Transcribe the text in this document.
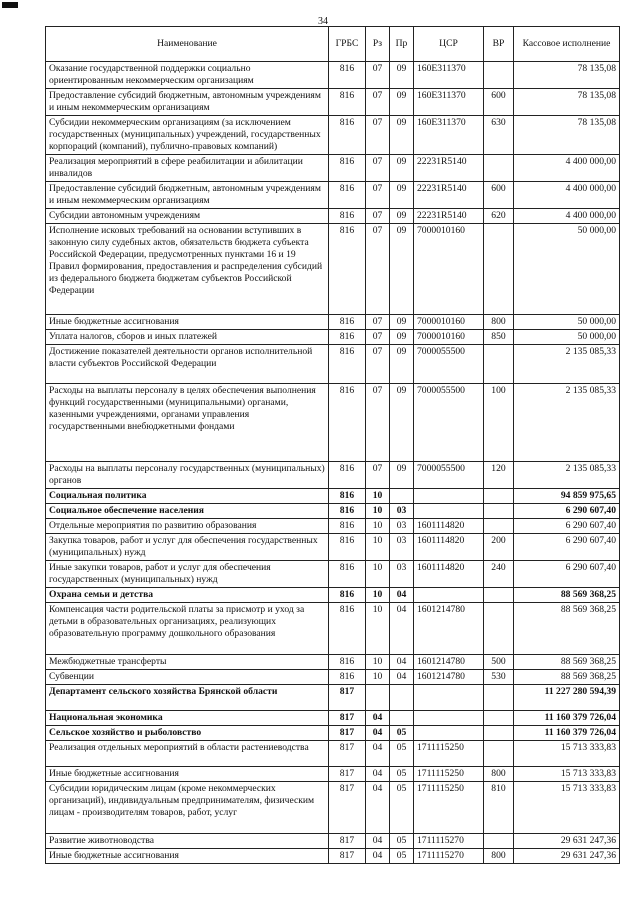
34
Наименование	ГРБС	Рз	Пр	ЦСР	ВР	Кассовое исполнение
Оказание государственной поддержки социально ориентированным некоммерческим организациям	816	07	09	160Е311370		78 135,08
Предоставление субсидий бюджетным, автономным учреждениям и иным некоммерческим организациям	816	07	09	160Е311370	600	78 135,08
Субсидии некоммерческим организациям (за исключением государственных (муниципальных) учреждений, государственных корпораций (компаний), публично-правовых компаний)	816	07	09	160Е311370	630	78 135,08
Реализация мероприятий в сфере реабилитации и абилитации инвалидов	816	07	09	22231R5140		4 400 000,00
Предоставление субсидий бюджетным, автономным учреждениям и иным некоммерческим организациям	816	07	09	22231R5140	600	4 400 000,00
Субсидии автономным учреждениям	816	07	09	22231R5140	620	4 400 000,00
Исполнение исковых требований на основании вступивших в законную силу судебных актов, обязательств бюджета субъекта Российской Федерации, предусмотренных пунктами 16 и 19 Правил формирования, предоставления и распределения субсидий из федерального бюджета бюджетам субъектов Российской Федерации	816	07	09	7000010160		50 000,00
Иные бюджетные ассигнования	816	07	09	7000010160	800	50 000,00
Уплата налогов, сборов и иных платежей	816	07	09	7000010160	850	50 000,00
Достижение показателей деятельности органов исполнительной власти субъектов Российской Федерации	816	07	09	7000055500		2 135 085,33
Расходы на выплаты персоналу в целях обеспечения выполнения функций государственными (муниципальными) органами, казенными учреждениями, органами управления государственными внебюджетными фондами	816	07	09	7000055500	100	2 135 085,33
Расходы на выплаты персоналу государственных (муниципальных) органов	816	07	09	7000055500	120	2 135 085,33
Социальная политика	816	10				94 859 975,65
Социальное обеспечение населения	816	10	03			6 290 607,40
Отдельные мероприятия по развитию образования	816	10	03	1601114820		6 290 607,40
Закупка товаров, работ и услуг для обеспечения государственных (муниципальных) нужд	816	10	03	1601114820	200	6 290 607,40
Иные закупки товаров, работ и услуг для обеспечения государственных (муниципальных) нужд	816	10	03	1601114820	240	6 290 607,40
Охрана семьи и детства	816	10	04			88 569 368,25
Компенсация части родительской платы за присмотр и уход за детьми в образовательных организациях, реализующих образовательную программу дошкольного образования	816	10	04	1601214780		88 569 368,25
Межбюджетные трансферты	816	10	04	1601214780	500	88 569 368,25
Субвенции	816	10	04	1601214780	530	88 569 368,25
Департамент сельского хозяйства Брянской области	817					11 227 280 594,39
Национальная экономика	817	04				11 160 379 726,04
Сельское хозяйство и рыболовство	817	04	05			11 160 379 726,04
Реализация отдельных мероприятий в области растениеводства	817	04	05	1711115250		15 713 333,83
Иные бюджетные ассигнования	817	04	05	1711115250	800	15 713 333,83
Субсидии юридическим лицам (кроме некоммерческих организаций), индивидуальным предпринимателям, физическим лицам - производителям товаров, работ, услуг	817	04	05	1711115250	810	15 713 333,83
Развитие животноводства	817	04	05	1711115270		29 631 247,36
Иные бюджетные ассигнования	817	04	05	1711115270	800	29 631 247,36
